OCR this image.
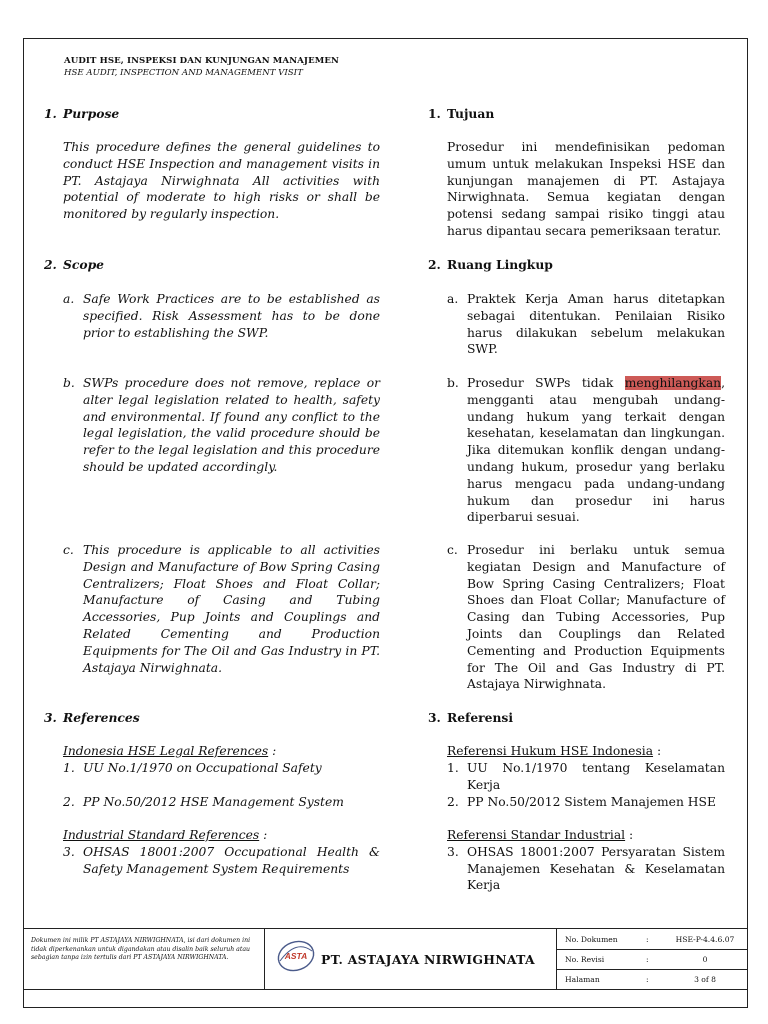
AUDIT HSE, INSPEKSI DAN KUNJUNGAN MANAJEMEN
HSE AUDIT, INSPECTION AND MANAGEMENT VISIT
1. Purpose
This procedure defines the general guidelines to conduct HSE Inspection and management visits in PT. Astajaya Nirwighnata All activities with potential of moderate to high risks or shall be monitored by regularly inspection.
2. Scope
a. Safe Work Practices are to be established as specified. Risk Assessment has to be done prior to establishing the SWP.
b. SWPs procedure does not remove, replace or alter legal legislation related to health, safety and environmental. If found any conflict to the legal legislation, the valid procedure should be refer to the legal legislation and this procedure should be updated accordingly.
c. This procedure is applicable to all activities Design and Manufacture of Bow Spring Casing Centralizers; Float Shoes and Float Collar; Manufacture of Casing and Tubing Accessories, Pup Joints and Couplings and Related Cementing and Production Equipments for The Oil and Gas Industry in PT. Astajaya Nirwighnata.
3. References
Indonesia HSE Legal References :
1. UU No.1/1970 on Occupational Safety
2. PP No.50/2012 HSE Management System
Industrial Standard References :
3. OHSAS 18001:2007 Occupational Health & Safety Management System Requirements
1. Tujuan
Prosedur ini mendefinisikan pedoman umum untuk melakukan Inspeksi HSE dan kunjungan manajemen di PT. Astajaya Nirwighnata. Semua kegiatan dengan potensi sedang sampai risiko tinggi atau harus dipantau secara pemeriksaan teratur.
2. Ruang Lingkup
a. Praktek Kerja Aman harus ditetapkan sebagai ditentukan. Penilaian Risiko harus dilakukan sebelum melakukan SWP.
b. Prosedur SWPs tidak menghilangkan, mengganti atau mengubah undang-undang hukum yang terkait dengan kesehatan, keselamatan dan lingkungan. Jika ditemukan konflik dengan undang-undang hukum, prosedur yang berlaku harus mengacu pada undang-undang hukum dan prosedur ini harus diperbarui sesuai.
c. Prosedur ini berlaku untuk semua kegiatan Design and Manufacture of Bow Spring Casing Centralizers; Float Shoes dan Float Collar; Manufacture of Casing dan Tubing Accessories, Pup Joints dan Couplings dan Related Cementing and Production Equipments for The Oil and Gas Industry di PT. Astajaya Nirwighnata.
3. Referensi
Referensi Hukum HSE Indonesia :
1. UU No.1/1970 tentang Keselamatan Kerja
2. PP No.50/2012 Sistem Manajemen HSE
Referensi Standar Industrial :
3. OHSAS 18001:2007 Persyaratan Sistem Manajemen Kesehatan & Keselamatan Kerja
Dokumen ini milik PT ASTAJAYA NIRWIGHNATA, isi dari dokumen ini tidak diperkenankan untuk digandakan atau disalin baik seluruh atau sebagian tanpa izin tertulis dari PT ASTAJAYA NIRWIGHNATA.	ASTA PT. ASTAJAYA NIRWIGHNATA
No. Dokumen	:	HSE-P-4.4.6.07
No. Revisi	:	0
Halaman	:	3 of 8
